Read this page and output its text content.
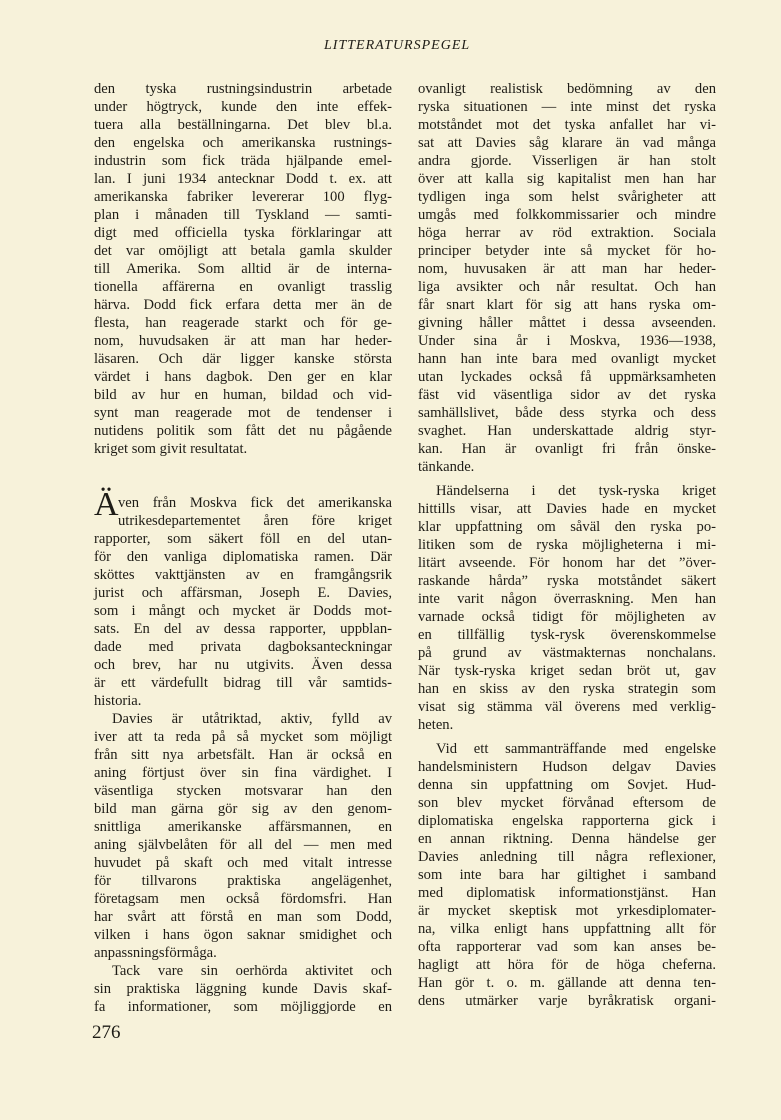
LITTERATURSPEGEL
den tyska rustningsindustrin arbetade
under högtryck, kunde den inte effek-
tuera alla beställningarna. Det blev bl.a.
den engelska och amerikanska rustnings-
industrin som fick träda hjälpande emel-
lan. I juni 1934 antecknar Dodd t. ex. att
amerikanska fabriker levererar 100 flyg-
plan i månaden till Tyskland — samti-
digt med officiella tyska förklaringar att
det var omöjligt att betala gamla skulder
till Amerika. Som alltid är de interna-
tionella affärerna en ovanligt trasslig
härva. Dodd fick erfara detta mer än de
flesta, han reagerade starkt och för ge-
nom, huvudsaken är att man har heder-
läsaren. Och där ligger kanske största
värdet i hans dagbok. Den ger en klar
bild av hur en human, bildad och vid-
synt man reagerade mot de tendenser i
nutidens politik som fått det nu pågående
kriget som givit resultatat.
ven från Moskva fick det amerikanska
utrikesdepartementet åren före kriget
rapporter, som säkert föll en del utan-
för den vanliga diplomatiska ramen. Där
sköttes vakttjänsten av en framgångsrik
jurist och affärsman, Joseph E. Davies,
som i mångt och mycket är Dodds mot-
sats. En del av dessa rapporter, uppblan-
dade med privata dagboksanteckningar
och brev, har nu utgivits. Även dessa
är ett värdefullt bidrag till vår samtids-
historia.
Davies är utåtriktad, aktiv, fylld av
iver att ta reda på så mycket som möjligt
från sitt nya arbetsfält. Han är också en
aning förtjust över sin fina värdighet. I
väsentliga stycken motsvarar han den
bild man gärna gör sig av den genom-
snittliga amerikanske affärsmannen, en
aning självbelåten för all del — men med
huvudet på skaft och med vitalt intresse
för tillvarons praktiska angelägenhet,
företagsam men också fördomsfri. Han
har svårt att förstå en man som Dodd,
vilken i hans ögon saknar smidighet och
anpassningsförmåga.
Tack vare sin oerhörda aktivitet och
sin praktiska läggning kunde Davis skaf-
fa informationer, som möjliggjorde en
Ä
ovanligt realistisk bedömning av den
ryska situationen — inte minst det ryska
motståndet mot det tyska anfallet har vi-
sat att Davies såg klarare än vad många
andra gjorde. Visserligen är han stolt
över att kalla sig kapitalist men han har
tydligen inga som helst svårigheter att
umgås med folkkommissarier och mindre
höga herrar av röd extraktion. Sociala
principer betyder inte så mycket för ho-
nom, huvusaken är att man har heder-
liga avsikter och når resultat. Och han
får snart klart för sig att hans ryska om-
givning håller måttet i dessa avseenden.
Under sina år i Moskva, 1936—1938,
hann han inte bara med ovanligt mycket
utan lyckades också få uppmärksamheten
fäst vid väsentliga sidor av det ryska
samhällslivet, både dess styrka och dess
svaghet. Han underskattade aldrig styr-
kan. Han är ovanligt fri från önske-
tänkande.
Händelserna i det tysk-ryska kriget
hittills visar, att Davies hade en mycket
klar uppfattning om såväl den ryska po-
litiken som de ryska möjligheterna i mi-
litärt avseende. För honom har det ”över-
raskande hårda” ryska motståndet säkert
inte varit någon överraskning. Men han
varnade också tidigt för möjligheten av
en tillfällig tysk-rysk överenskommelse
på grund av västmakternas nonchalans.
När tysk-ryska kriget sedan bröt ut, gav
han en skiss av den ryska strategin som
visat sig stämma väl överens med verklig-
heten.
Vid ett sammanträffande med engelske
handelsministern Hudson delgav Davies
denna sin uppfattning om Sovjet. Hud-
son blev mycket förvånad eftersom de
diplomatiska engelska rapporterna gick i
en annan riktning. Denna händelse ger
Davies anledning till några reflexioner,
som inte bara har giltighet i samband
med diplomatisk informationstjänst. Han
är mycket skeptisk mot yrkesdiplomater-
na, vilka enligt hans uppfattning allt för
ofta rapporterar vad som kan anses be-
hagligt att höra för de höga cheferna.
Han gör t. o. m. gällande att denna ten-
dens utmärker varje byråkratisk organi-
276
